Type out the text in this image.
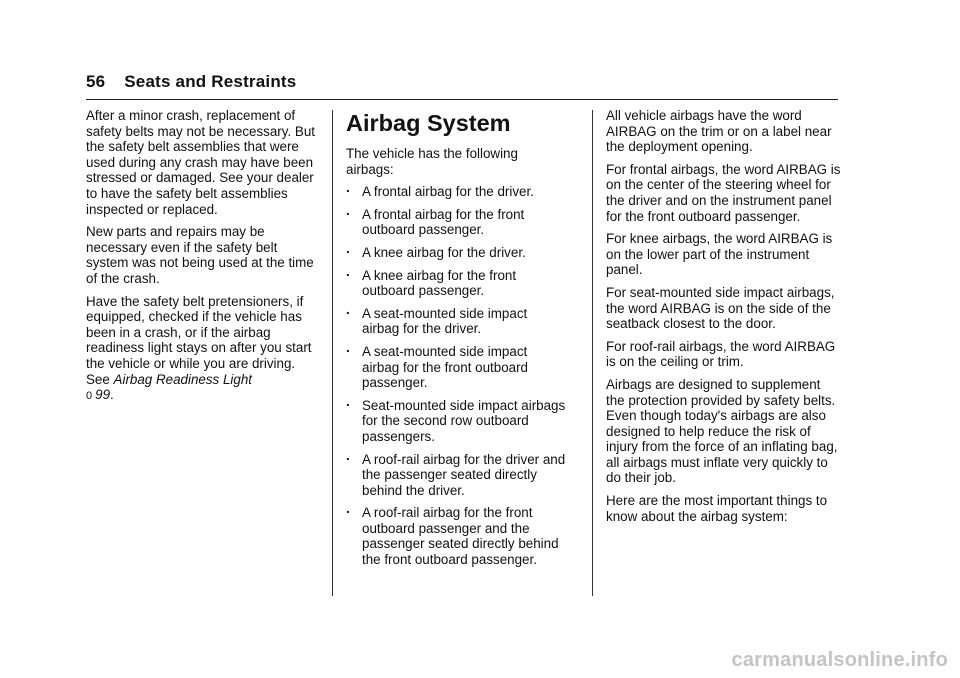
56 Seats and Restraints

After a minor crash, replacement of safety belts may not be necessary. But the safety belt assemblies that were used during any crash may have been stressed or damaged. See your dealer to have the safety belt assemblies inspected or replaced.

New parts and repairs may be necessary even if the safety belt system was not being used at the time of the crash.

Have the safety belt pretensioners, if equipped, checked if the vehicle has been in a crash, or if the airbag readiness light stays on after you start the vehicle or while you are driving. See Airbag Readiness Light
0 99.

Airbag System

The vehicle has the following airbags:

. A frontal airbag for the driver.
. A frontal airbag for the front outboard passenger.
. A knee airbag for the driver.
. A knee airbag for the front outboard passenger.
. A seat-mounted side impact airbag for the driver.
. A seat-mounted side impact airbag for the front outboard passenger.
. Seat-mounted side impact airbags for the second row outboard passengers.
. A roof-rail airbag for the driver and the passenger seated directly behind the driver.
. A roof-rail airbag for the front outboard passenger and the passenger seated directly behind the front outboard passenger.

All vehicle airbags have the word AIRBAG on the trim or on a label near the deployment opening.

For frontal airbags, the word AIRBAG is on the center of the steering wheel for the driver and on the instrument panel for the front outboard passenger.

For knee airbags, the word AIRBAG is on the lower part of the instrument panel.

For seat-mounted side impact airbags, the word AIRBAG is on the side of the seatback closest to the door.

For roof-rail airbags, the word AIRBAG is on the ceiling or trim.

Airbags are designed to supplement the protection provided by safety belts. Even though today's airbags are also designed to help reduce the risk of injury from the force of an inflating bag, all airbags must inflate very quickly to do their job.

Here are the most important things to know about the airbag system:

carmanualsonline.info
